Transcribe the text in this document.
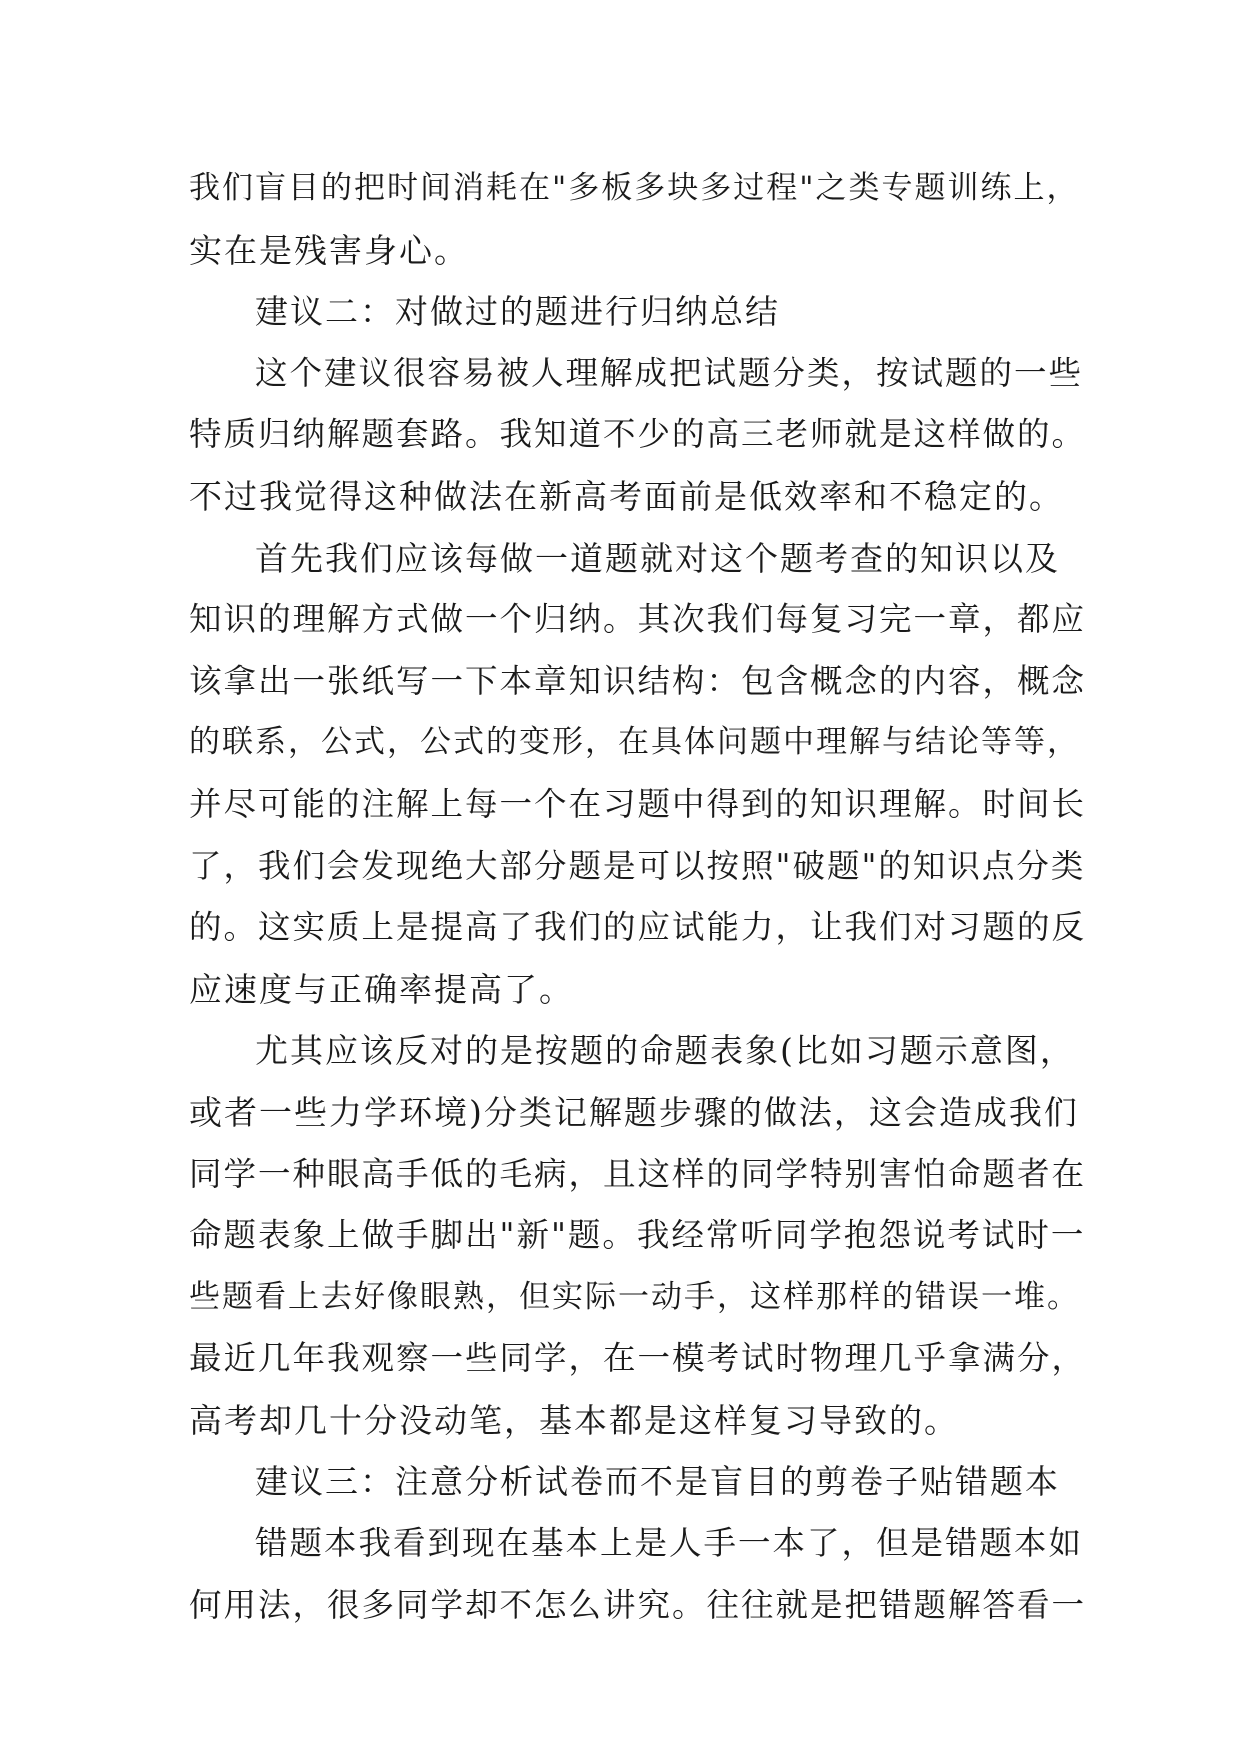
我们盲目的把时间消耗在"多板多块多过程"之类专题训练上，
实在是残害身心。
建议二：对做过的题进行归纳总结
这个建议很容易被人理解成把试题分类，按试题的一些
特质归纳解题套路。我知道不少的高三老师就是这样做的。
不过我觉得这种做法在新高考面前是低效率和不稳定的。
首先我们应该每做一道题就对这个题考查的知识以及
知识的理解方式做一个归纳。其次我们每复习完一章，都应
该拿出一张纸写一下本章知识结构：包含概念的内容，概念
的联系，公式，公式的变形，在具体问题中理解与结论等等，
并尽可能的注解上每一个在习题中得到的知识理解。时间长
了，我们会发现绝大部分题是可以按照"破题"的知识点分类
的。这实质上是提高了我们的应试能力，让我们对习题的反
应速度与正确率提高了。
尤其应该反对的是按题的命题表象(比如习题示意图，
或者一些力学环境)分类记解题步骤的做法，这会造成我们
同学一种眼高手低的毛病，且这样的同学特别害怕命题者在
命题表象上做手脚出"新"题。我经常听同学抱怨说考试时一
些题看上去好像眼熟，但实际一动手，这样那样的错误一堆。
最近几年我观察一些同学，在一模考试时物理几乎拿满分，
高考却几十分没动笔，基本都是这样复习导致的。
建议三：注意分析试卷而不是盲目的剪卷子贴错题本
错题本我看到现在基本上是人手一本了，但是错题本如
何用法，很多同学却不怎么讲究。往往就是把错题解答看一
